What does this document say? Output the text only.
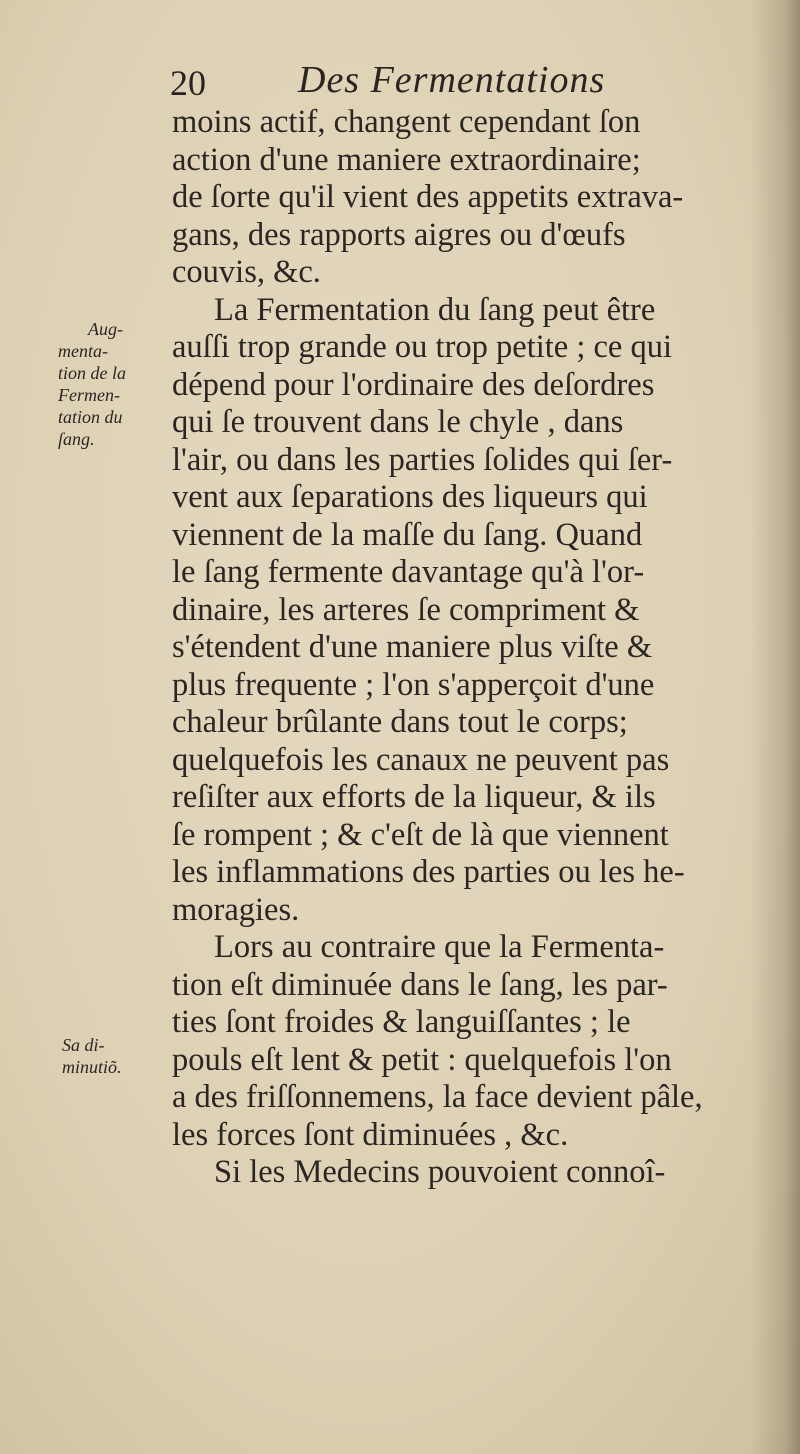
20 Des Fermentations
Aug-
menta-
tion de la
Fermen-
tation du
ſang.
Sa di-
minutiõ.
moins actif, changent cependant ſon
action d'une maniere extraordinaire;
de ſorte qu'il vient des appetits extrava-
gans, des rapports aigres ou d'œufs
couvis, &c.
La Fermentation du ſang peut être
auſſi trop grande ou trop petite ; ce qui
dépend pour l'ordinaire des deſordres
qui ſe trouvent dans le chyle , dans
l'air, ou dans les parties ſolides qui ſer-
vent aux ſeparations des liqueurs qui
viennent de la maſſe du ſang. Quand
le ſang fermente davantage qu'à l'or-
dinaire, les arteres ſe compriment &
s'étendent d'une maniere plus viſte &
plus frequente ; l'on s'apperçoit d'une
chaleur brûlante dans tout le corps;
quelquefois les canaux ne peuvent pas
reſiſter aux efforts de la liqueur, & ils
ſe rompent ; & c'eſt de là que viennent
les inflammations des parties ou les he-
moragies.
Lors au contraire que la Fermenta-
tion eſt diminuée dans le ſang, les par-
ties ſont froides & languiſſantes ; le
pouls eſt lent & petit : quelquefois l'on
a des friſſonnemens, la face devient pâle,
les forces ſont diminuées , &c.
Si les Medecins pouvoient connoî-
